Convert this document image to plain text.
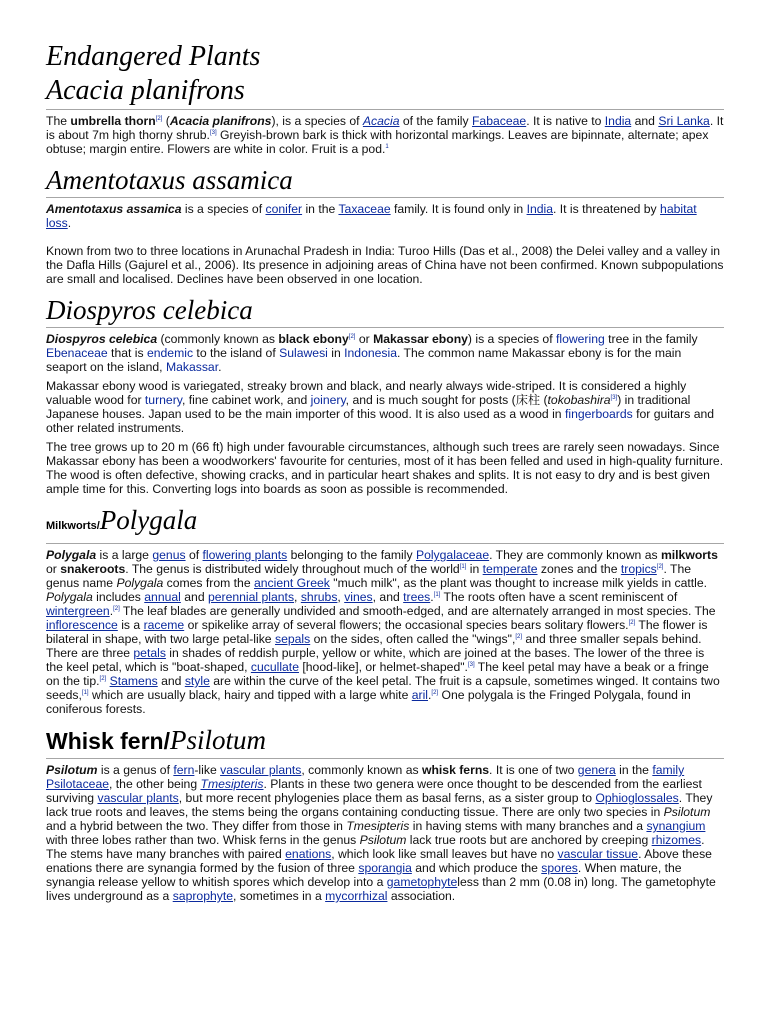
Endangered Plants
Acacia planifrons

The umbrella thorn[2] (Acacia planifrons), is a species of Acacia of the family Fabaceae. It is native to India and Sri Lanka. It is about 7m high thorny shrub.[3] Greyish-brown bark is thick with horizontal markings. Leaves are bipinnate, alternate; apex obtuse; margin entire. Flowers are white in color. Fruit is a pod.$^1$

Amentotaxus assamica

Amentotaxus assamica is a species of conifer in the Taxaceae family. It is found only in India. It is threatened by habitat loss.

Known from two to three locations in Arunachal Pradesh in India: Turoo Hills (Das et al., 2008) the Delei valley and a valley in the Dafla Hills (Gajurel et al., 2006). Its presence in adjoining areas of China have not been confirmed. Known subpopulations are small and localised. Declines have been observed in one location.

Diospyros celebica

Diospyros celebica (commonly known as black ebony[2] or Makassar ebony) is a species of flowering tree in the family Ebenaceae that is endemic to the island of Sulawesi in Indonesia. The common name Makassar ebony is for the main seaport on the island, Makassar.

Makassar ebony wood is variegated, streaky brown and black, and nearly always wide-striped. It is considered a highly valuable wood for turnery, fine cabinet work, and joinery, and is much sought for posts (床柱 (tokobashira[3]) in traditional Japanese houses. Japan used to be the main importer of this wood. It is also used as a wood in fingerboards for guitars and other related instruments.

The tree grows up to 20 m (66 ft) high under favourable circumstances, although such trees are rarely seen nowadays. Since Makassar ebony has been a woodworkers' favourite for centuries, most of it has been felled and used in high-quality furniture. The wood is often defective, showing cracks, and in particular heart shakes and splits. It is not easy to dry and is best given ample time for this. Converting logs into boards as soon as possible is recommended.

Milkworts/Polygala

Polygala is a large genus of flowering plants belonging to the family Polygalaceae. They are commonly known as milkworts or snakeroots. The genus is distributed widely throughout much of the world[1] in temperate zones and the tropics[2]. The genus name Polygala comes from the ancient Greek "much milk", as the plant was thought to increase milk yields in cattle. Polygala includes annual and perennial plants, shrubs, vines, and trees.[1] The roots often have a scent reminiscent of wintergreen.[2] The leaf blades are generally undivided and smooth-edged, and are alternately arranged in most species. The inflorescence is a raceme or spikelike array of several flowers; the occasional species bears solitary flowers.[2] The flower is bilateral in shape, with two large petal-like sepals on the sides, often called the "wings",[2] and three smaller sepals behind. There are three petals in shades of reddish purple, yellow or white, which are joined at the bases. The lower of the three is the keel petal, which is "boat-shaped, cucullate [hood-like], or helmet-shaped".[3] The keel petal may have a beak or a fringe on the tip.[2] Stamens and style are within the curve of the keel petal. The fruit is a capsule, sometimes winged. It contains two seeds,[1] which are usually black, hairy and tipped with a large white aril.[2] One polygala is the Fringed Polygala, found in coniferous forests.

Whisk fern/Psilotum

Psilotum is a genus of fern-like vascular plants, commonly known as whisk ferns. It is one of two genera in the family Psilotaceae, the other being Tmesipteris. Plants in these two genera were once thought to be descended from the earliest surviving vascular plants, but more recent phylogenies place them as basal ferns, as a sister group to Ophioglossales. They lack true roots and leaves, the stems being the organs containing conducting tissue. There are only two species in Psilotum and a hybrid between the two. They differ from those in Tmesipteris in having stems with many branches and a synangium with three lobes rather than two. Whisk ferns in the genus Psilotum lack true roots but are anchored by creeping rhizomes. The stems have many branches with paired enations, which look like small leaves but have no vascular tissue. Above these enations there are synangia formed by the fusion of three sporangia and which produce the spores. When mature, the synangia release yellow to whitish spores which develop into a gametophyteless than 2 mm (0.08 in) long. The gametophyte lives underground as a saprophyte, sometimes in a mycorrhizal association.
